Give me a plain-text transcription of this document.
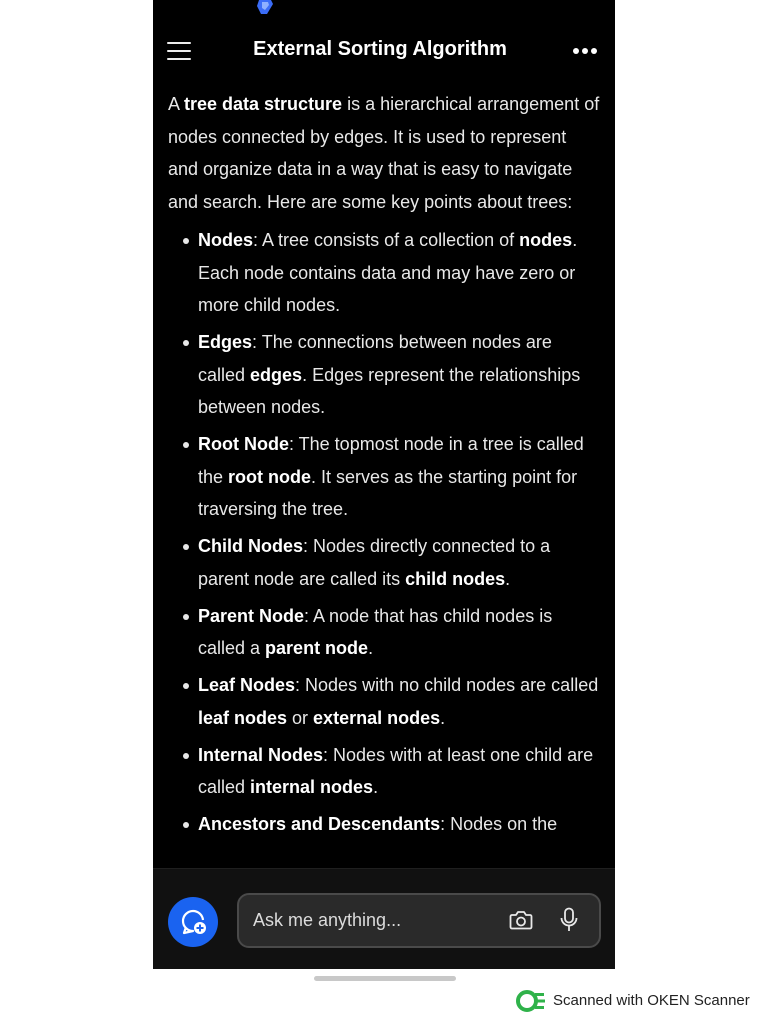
External Sorting Algorithm

A tree data structure is a hierarchical arrangement of nodes connected by edges. It is used to represent and organize data in a way that is easy to navigate and search. Here are some key points about trees:

Nodes: A tree consists of a collection of nodes. Each node contains data and may have zero or more child nodes.
Edges: The connections between nodes are called edges. Edges represent the relationships between nodes.
Root Node: The topmost node in a tree is called the root node. It serves as the starting point for traversing the tree.
Child Nodes: Nodes directly connected to a parent node are called its child nodes.
Parent Node: A node that has child nodes is called a parent node.
Leaf Nodes: Nodes with no child nodes are called leaf nodes or external nodes.
Internal Nodes: Nodes with at least one child are called internal nodes.
Ancestors and Descendants: Nodes on the
Ask me anything...
Scanned with OKEN Scanner
